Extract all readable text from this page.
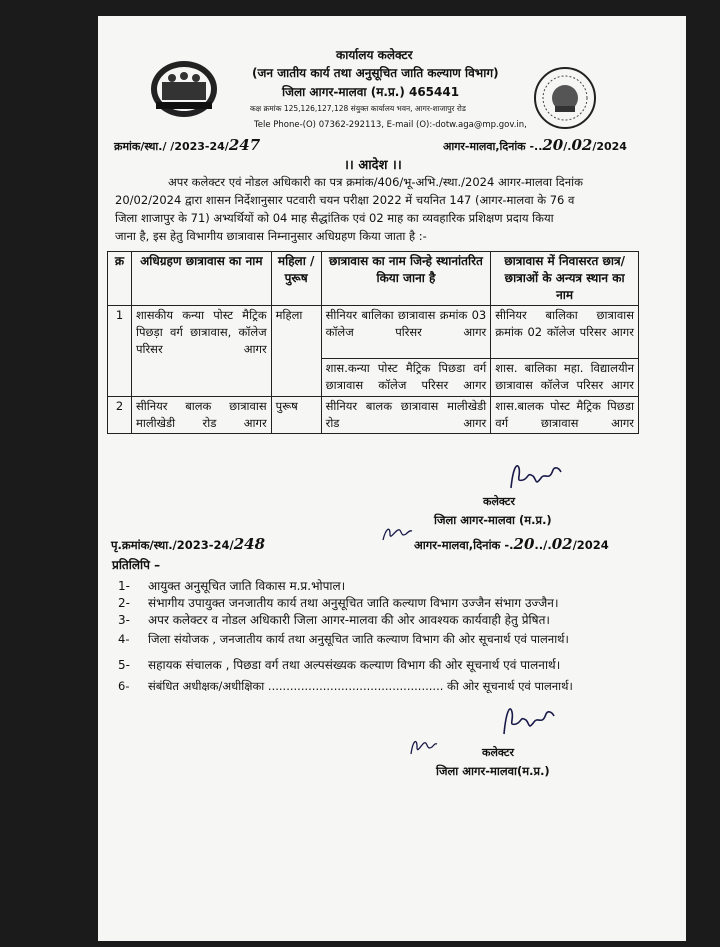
कार्यालय कलेक्टर
(जन जातीय कार्य तथा अनुसूचित जाति कल्याण विभाग)
जिला आगर-मालवा (म.प्र.) 465441
कक्ष क्रमांक 125,126,127,128 संयुक्त कार्यालय भवन, आगर-शाजापुर रोड
Tele Phone-(O) 07362-292113, E-mail (O):-dotw.aga@mp.gov.in,
क्रमांक/स्था./ /2023-24/247	आगर-मालवा,दिनांक -..20/.02/2024
।। आदेश ।।
अपर कलेक्टर एवं नोडल अधिकारी का पत्र क्रमांक/406/भू-अभि./स्था./2024 आगर-मालवा दिनांक
20/02/2024 द्वारा शासन निर्देशानुसार पटवारी चयन परीक्षा 2022 में चयनित 147 (आगर-मालवा के 76 व
जिला शाजापुर के 71) अभ्यर्थियों को 04 माह सैद्धांतिक एवं 02 माह का व्यवहारिक प्रशिक्षण प्रदाय किया
जाना है, इस हेतु विभागीय छात्रावास निम्नानुसार अधिग्रहण किया जाता है :-
क्र	अधिग्रहण छात्रावास का नाम	महिला /पुरूष	छात्रावास का नाम जिन्हे स्थानांतरित किया जाना है	छात्रावास में निवासरत छात्र/छात्राओं के अन्यत्र स्थान का नाम
1	शासकीय कन्या पोस्ट मैट्रिक पिछड़ा वर्ग छात्रावास, कॉलेज परिसर आगर	महिला	सीनियर बालिका छात्रावास क्रमांक 03 कॉलेज परिसर आगर	सीनियर बालिका छात्रावास क्रमांक 02 कॉलेज परिसर आगर
			शास.कन्या पोस्ट मैट्रिक पिछडा वर्ग छात्रावास कॉलेज परिसर आगर	शास. बालिका महा. विद्यालयीन छात्रावास कॉलेज परिसर आगर
2	सीनियर बालक छात्रावास मालीखेडी रोड आगर	पुरूष	सीनियर बालक छात्रावास मालीखेडी रोड आगर	शास.बालक पोस्ट मैट्रिक पिछडा वर्ग छात्रावास आगर
कलेक्टर
जिला आगर-मालवा (म.प्र.)
पृ.क्रमांक/स्था./2023-24/248	आगर-मालवा,दिनांक -.20../.02/2024
प्रतिलिपि –
1- आयुक्त अनुसूचित जाति विकास म.प्र.भोपाल।
2- संभागीय उपायुक्त जनजातीय कार्य तथा अनुसूचित जाति कल्याण विभाग उज्जैन संभाग उज्जैन।
3- अपर कलेक्टर व नोडल अधिकारी जिला आगर-मालवा की ओर आवश्यक कार्यवाही हेतु प्रेषित।
4- जिला संयोजक , जनजातीय कार्य तथा अनुसूचित जाति कल्याण विभाग की ओर सूचनार्थ एवं पालनार्थ।
5- सहायक संचालक , पिछडा वर्ग तथा अल्पसंख्यक कल्याण विभाग की ओर सूचनार्थ एवं पालनार्थ।
6- संबंधित अधीक्षक/अधीक्षिका ................................................ की ओर सूचनार्थ एवं पालनार्थ।
कलेक्टर
जिला आगर-मालवा(म.प्र.)
